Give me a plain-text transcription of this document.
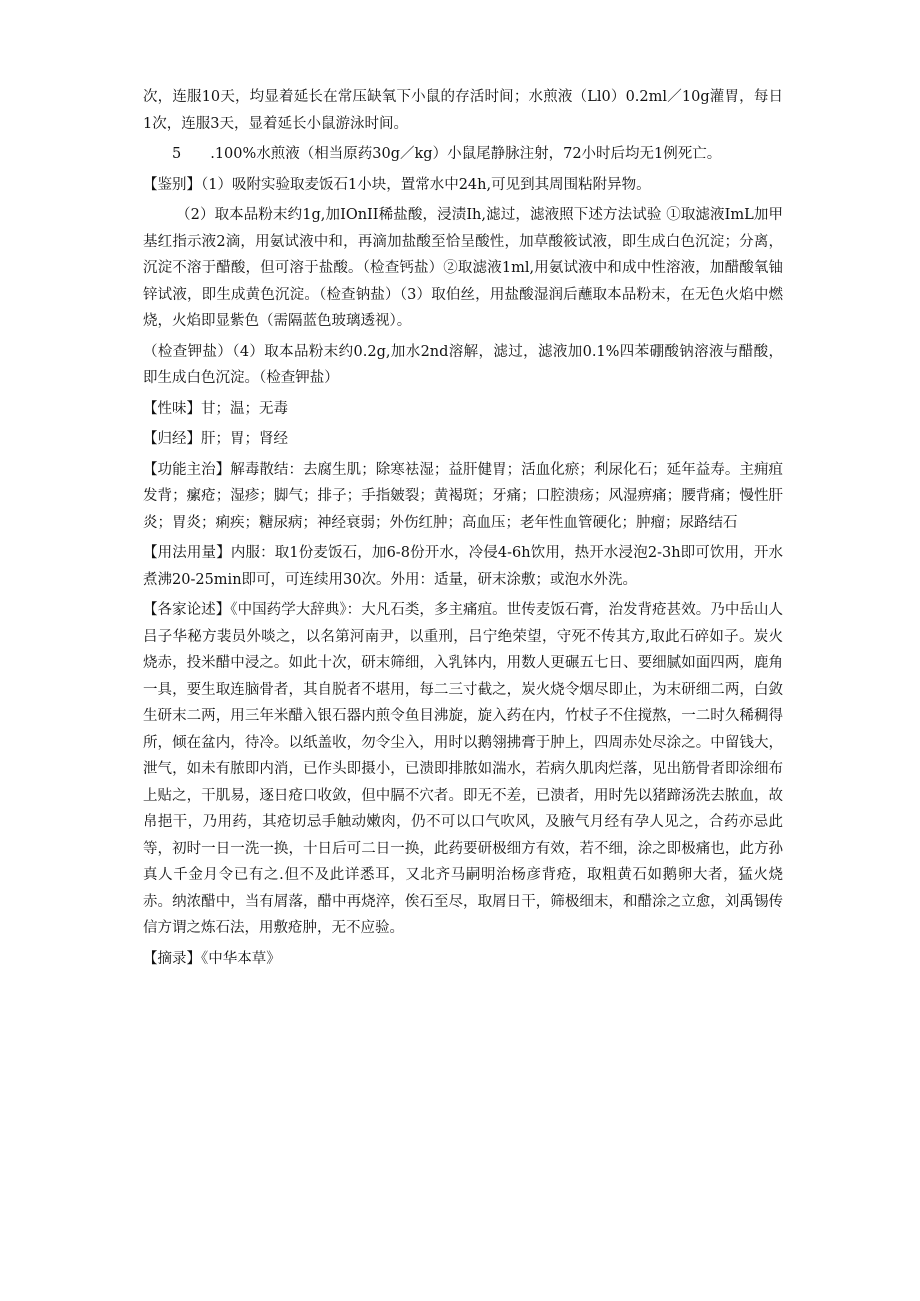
次，连服10天，均显着延长在常压缺氧下小鼠的存活时间；水煎液（Ll0）0.2ml／10g灌胃，每日1次，连服3天，显着延长小鼠游泳时间。

5　　.100%水煎液（相当原药30g／kg）小鼠尾静脉注射，72小时后均无1例死亡。

【鉴别】（1）吸附实验取麦饭石1小块，置常水中24h,可见到其周围粘附异物。

（2）取本品粉末约1g,加IOnII稀盐酸，浸渍Ih,滤过，滤液照下述方法试验 ①取滤液ImL加甲基红指示液2滴，用氨试液中和，再滴加盐酸至恰呈酸性，加草酸筱试液，即生成白色沉淀；分离，沉淀不溶于醋酸，但可溶于盐酸。（检查钙盐）②取滤液1ml,用氨试液中和成中性溶液，加醋酸氧铀锌试液，即生成黄色沉淀。（检查钠盐）（3）取伯丝，用盐酸湿润后蘸取本品粉末，在无色火焰中燃烧，火焰即显紫色（需隔蓝色玻璃透视）。

（检查钾盐）（4）取本品粉末约0.2g,加水2nd溶解，滤过，滤液加0.1%四苯硼酸钠溶液与醋酸，即生成白色沉淀。（检查钾盐）

【性味】甘；温；无毒

【归经】肝；胃；肾经

【功能主治】解毒散结：去腐生肌；除寒袪湿；益肝健胃；活血化瘀；利尿化石；延年益寿。主痈疽发背；瘰疮；湿疹；脚气；排子；手指皴裂；黄褐斑；牙痛；口腔溃疡；风湿痹痛；腰背痛；慢性肝炎；胃炎；痢疾；糖尿病；神经衰弱；外伤红肿；高血压；老年性血管硬化；肿瘤；尿路结石

【用法用量】内服：取1份麦饭石，加6-8份开水，冷侵4-6h饮用，热开水浸泡2-3h即可饮用，开水煮沸20-25min即可，可连续用30次。外用：适量，研末涂敷；或泡水外洗。

【各家论述】《中国药学大辞典》：大凡石类，多主痛疽。世传麦饭石膏，治发背疮甚效。乃中岳山人吕子华秘方裴员外啖之，以名第河南尹，以重刑，吕宁绝荣望，守死不传其方,取此石碎如子。炭火烧赤，投米醋中浸之。如此十次，研末筛细，入乳钵内，用数人更碾五七日、要细腻如面四两，鹿角一具，要生取连脑骨者，其自脱者不堪用，每二三寸截之，炭火烧令烟尽即止，为末研细二两，白敛生研末二两，用三年米醋入银石器内煎令鱼目沸旋，旋入药在内，竹杖子不住搅熬，一二时久稀稠得所，倾在盆内，待冷。以纸盖收，勿令尘入，用时以鹅翎拂膏于肿上，四周赤处尽涂之。中留钱大，泄气，如未有脓即内消，已作头即摄小，已溃即排脓如湍水，若病久肌肉烂落，见出筋骨者即涂细布上贴之，干肌易，逐日疮口收敛，但中膈不穴者。即无不差，已溃者，用时先以猪蹄汤洗去脓血，故帛挹干，乃用药，其疮切忌手触动嫩肉，仍不可以口气吹风，及腋气月经有孕人见之，合药亦忌此等，初时一日一洗一换，十日后可二日一换，此药要研极细方有效，若不细，涂之即极痛也，此方孙真人千金月令已有之.但不及此详悉耳，又北齐马嗣明治杨彦背疮，取粗黄石如鹅卵大者，猛火烧赤。纳浓醋中，当有屑落，醋中再烧淬，俟石至尽，取屑日干，筛极细末，和醋涂之立愈，刘禹锡传信方谓之炼石法，用敷疮肿，无不应验。

【摘录】《中华本草》
